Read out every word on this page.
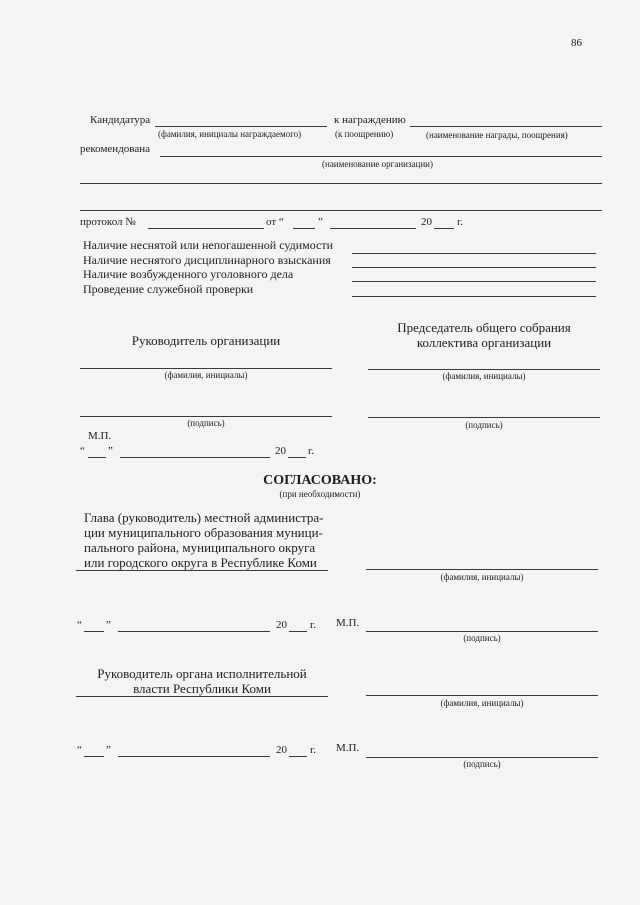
86
Кандидатура	к награждению
(фамилия, инициалы награждаемого)	(к поощрению)	(наименование награды, поощрения)
рекомендована
(наименование организации)
протокол №	от “	”	20 г.
Наличие неснятой или непогашенной судимости
Наличие неснятого дисциплинарного взыскания
Наличие возбужденного уголовного дела
Проведение служебной проверки
Руководитель организации
Председатель общего собрания
коллектива организации
(фамилия, инициалы)	(фамилия, инициалы)
(подпись)	(подпись)
М.П.
“ ”	20 г.
СОГЛАСОВАНО:
(при необходимости)
Глава (руководитель) местной администра-
ции муниципального образования муници-
пального района, муниципального округа
или городского округа в Республике Коми
(фамилия, инициалы)
“ ”	20 г. М.П.
(подпись)
Руководитель органа исполнительной
власти Республики Коми
(фамилия, инициалы)
“ ”	20 г. М.П.
(подпись)
